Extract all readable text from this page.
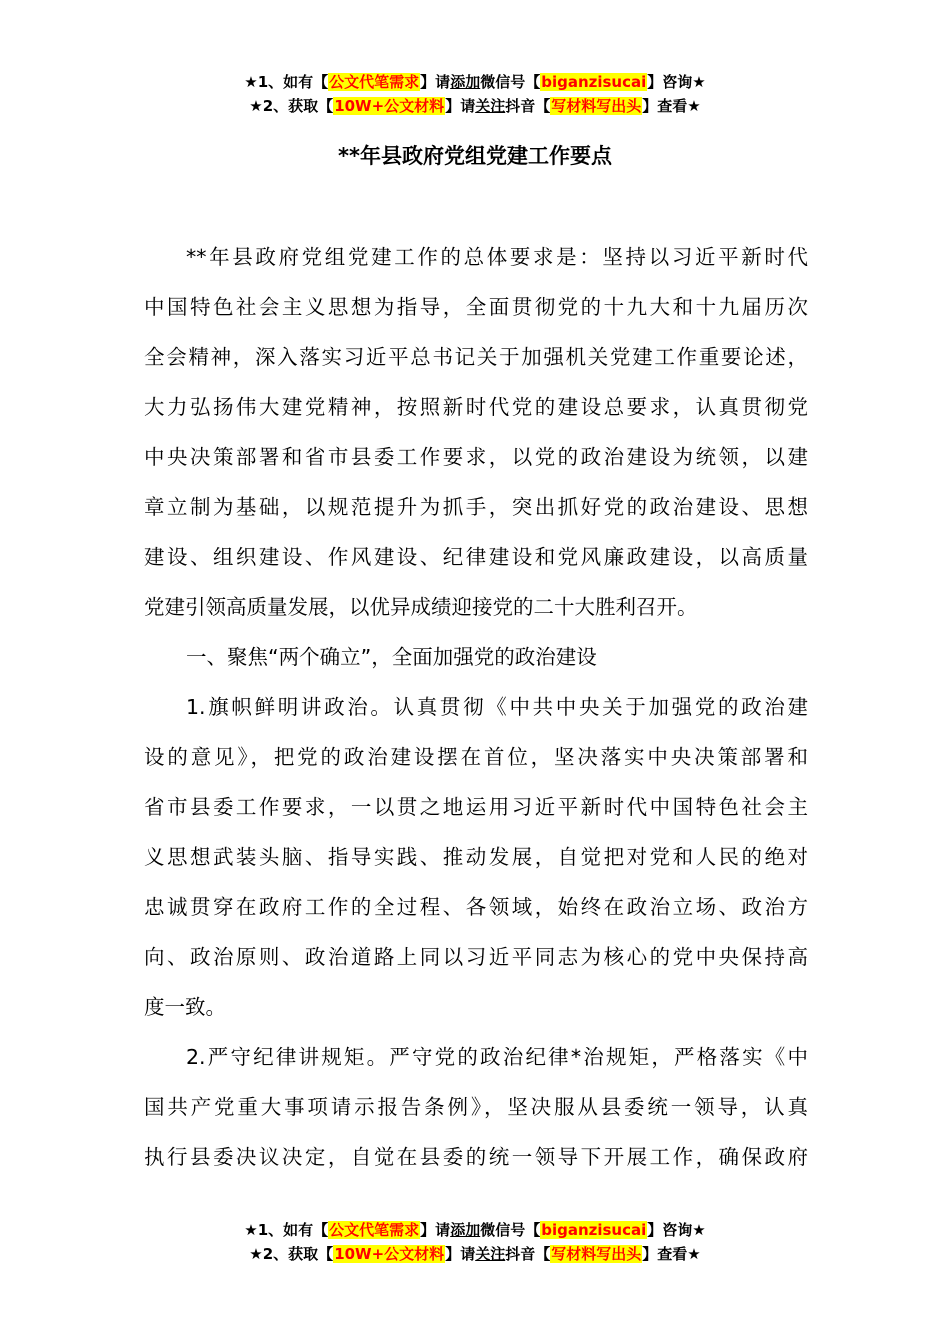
★1、如有【公文代笔需求】请添加微信号【biganzisucai】咨询★
★2、获取【10W+公文材料】请关注抖音【写材料写出头】查看★
**年县政府党组党建工作要点
**年县政府党组党建工作的总体要求是：坚持以习近平新时代
中国特色社会主义思想为指导，全面贯彻党的十九大和十九届历次
全会精神，深入落实习近平总书记关于加强机关党建工作重要论述，
大力弘扬伟大建党精神，按照新时代党的建设总要求，认真贯彻党
中央决策部署和省市县委工作要求，以党的政治建设为统领，以建
章立制为基础，以规范提升为抓手，突出抓好党的政治建设、思想
建设、组织建设、作风建设、纪律建设和党风廉政建设，以高质量
党建引领高质量发展，以优异成绩迎接党的二十大胜利召开。
一、聚焦“两个确立”，全面加强党的政治建设
1.旗帜鲜明讲政治。认真贯彻《中共中央关于加强党的政治建
设的意见》，把党的政治建设摆在首位，坚决落实中央决策部署和
省市县委工作要求，一以贯之地运用习近平新时代中国特色社会主
义思想武装头脑、指导实践、推动发展，自觉把对党和人民的绝对
忠诚贯穿在政府工作的全过程、各领域，始终在政治立场、政治方
向、政治原则、政治道路上同以习近平同志为核心的党中央保持高
度一致。
2.严守纪律讲规矩。严守党的政治纪律*治规矩，严格落实《中
国共产党重大事项请示报告条例》，坚决服从县委统一领导，认真
执行县委决议决定，自觉在县委的统一领导下开展工作，确保政府
★1、如有【公文代笔需求】请添加微信号【biganzisucai】咨询★
★2、获取【10W+公文材料】请关注抖音【写材料写出头】查看★
